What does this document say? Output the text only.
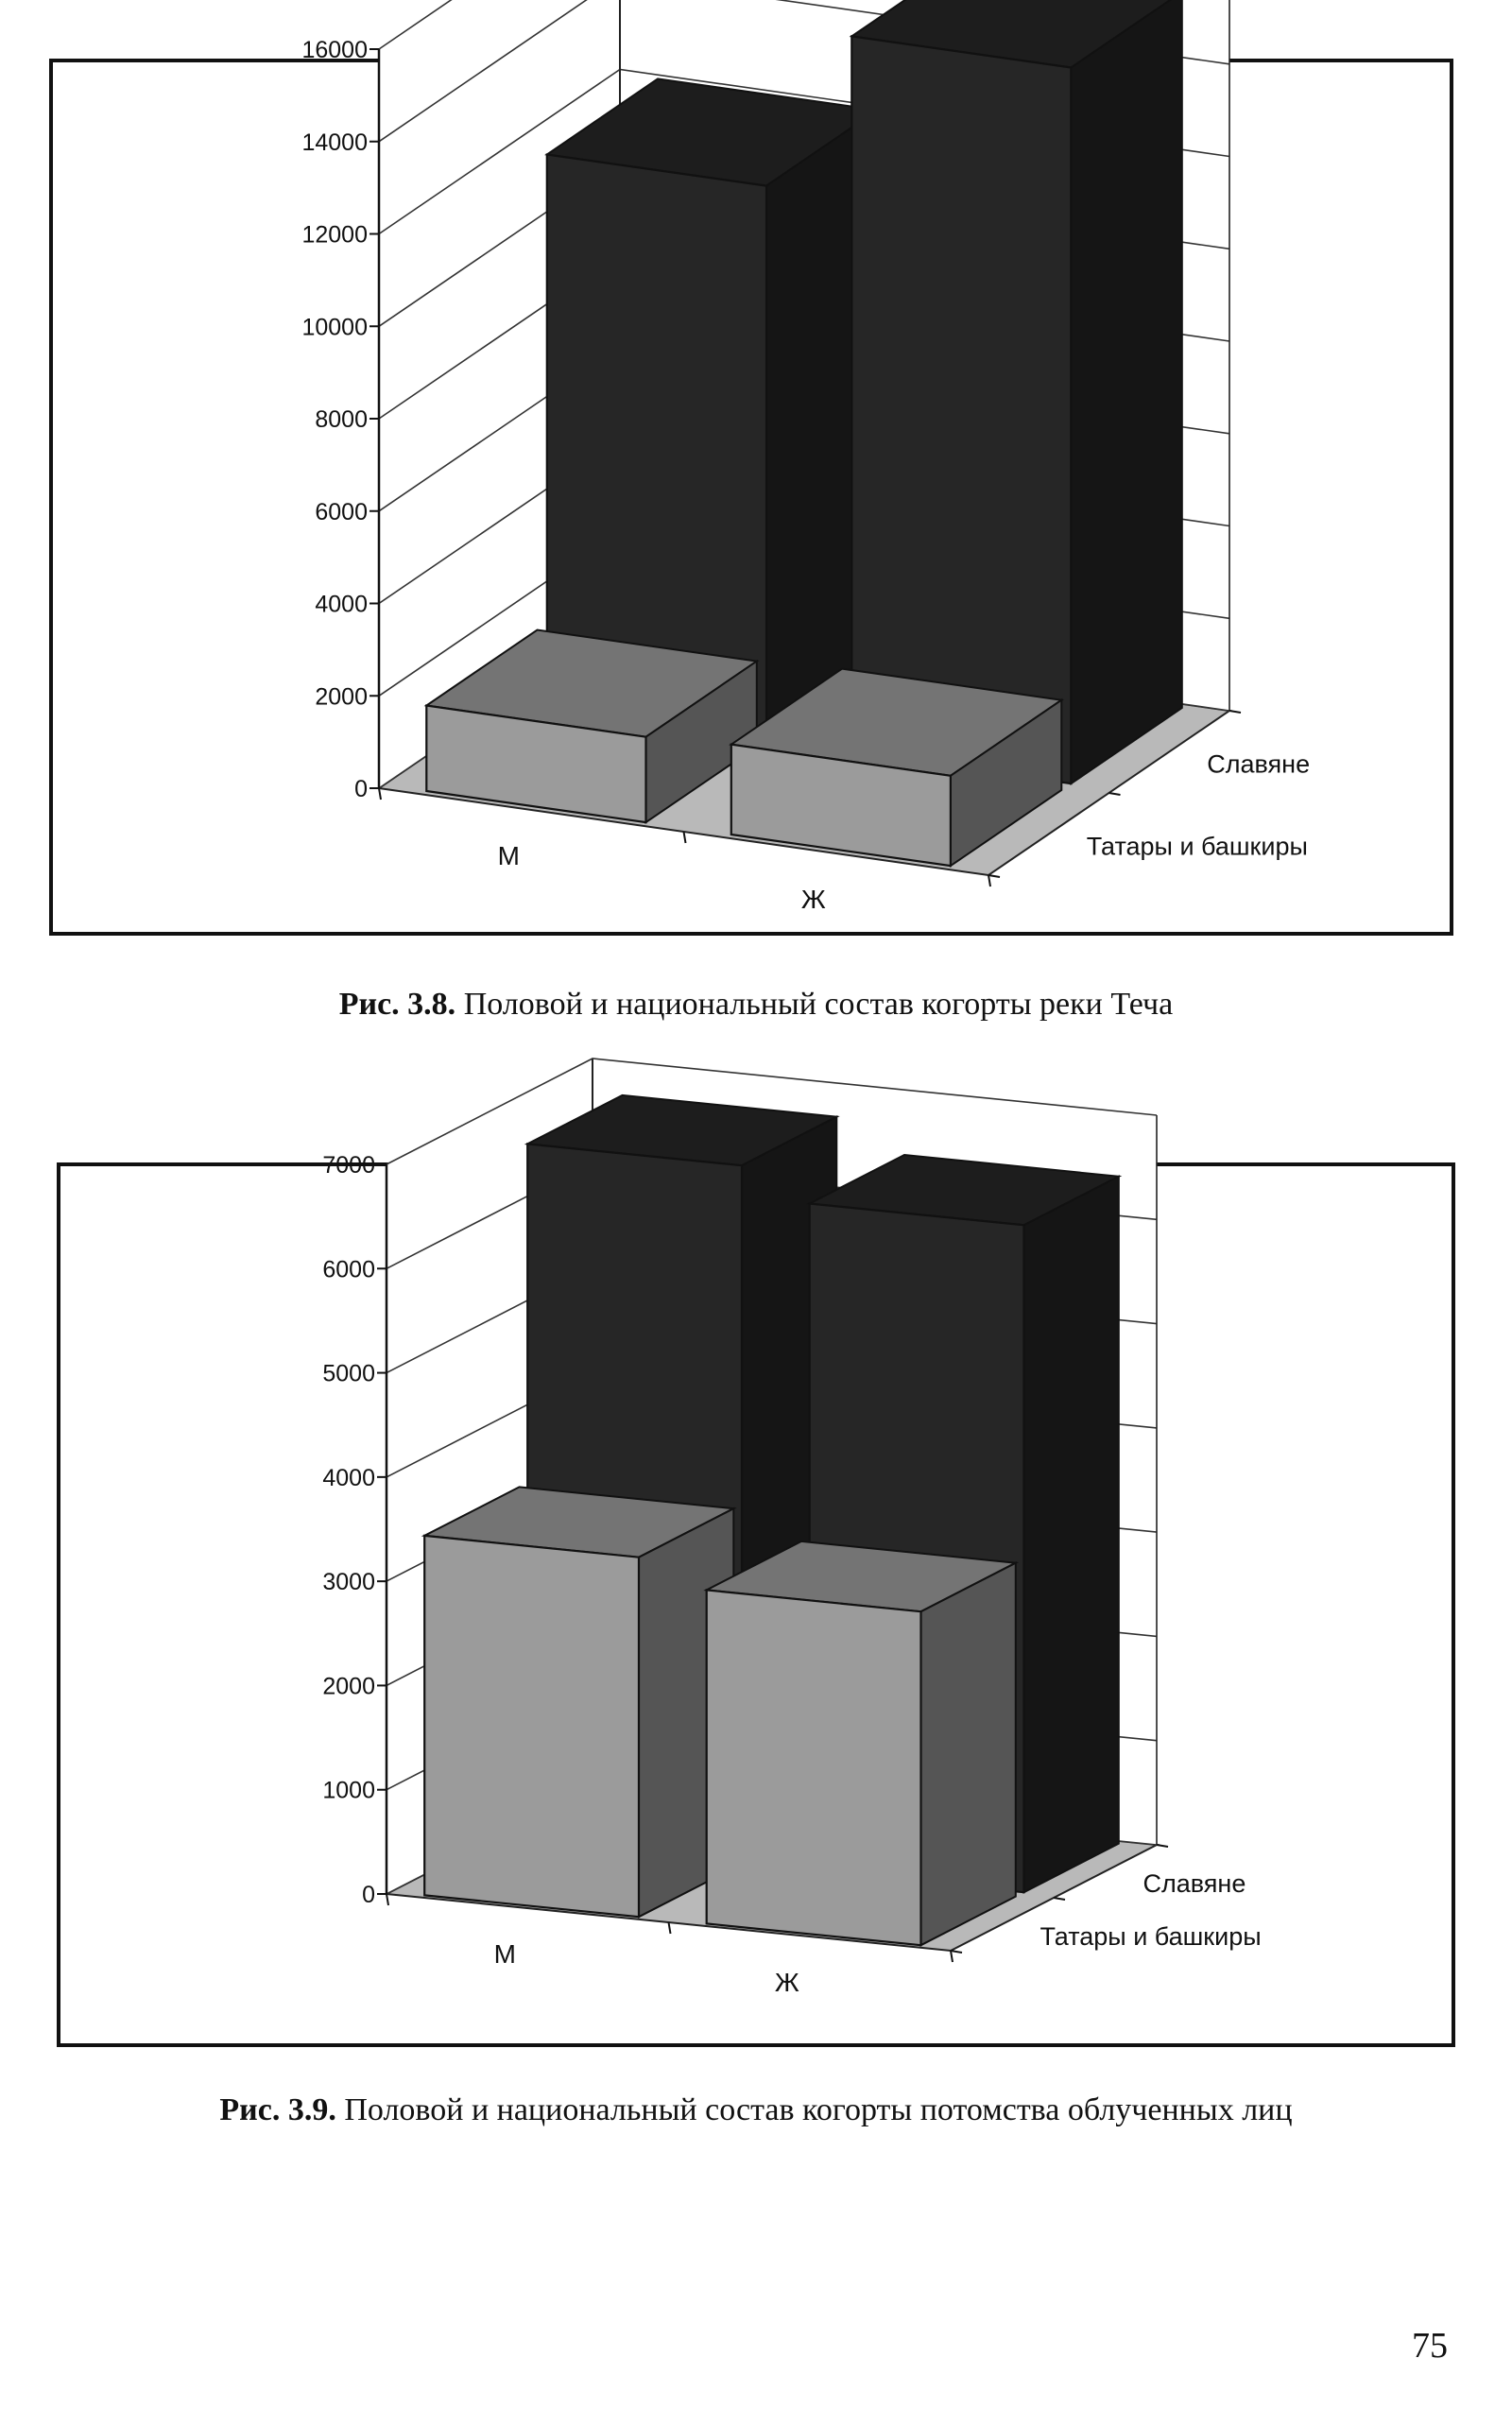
0
2000
4000
6000
8000
10000
12000
14000
16000
М
Ж
Славяне
Татары и башкиры
Рис. 3.8. Половой и национальный состав когорты реки Теча
0
1000
2000
3000
4000
5000
6000
7000
М
Ж
Славяне
Татары и башкиры
Рис. 3.9. Половой и национальный состав когорты потомства облученных лиц
75
